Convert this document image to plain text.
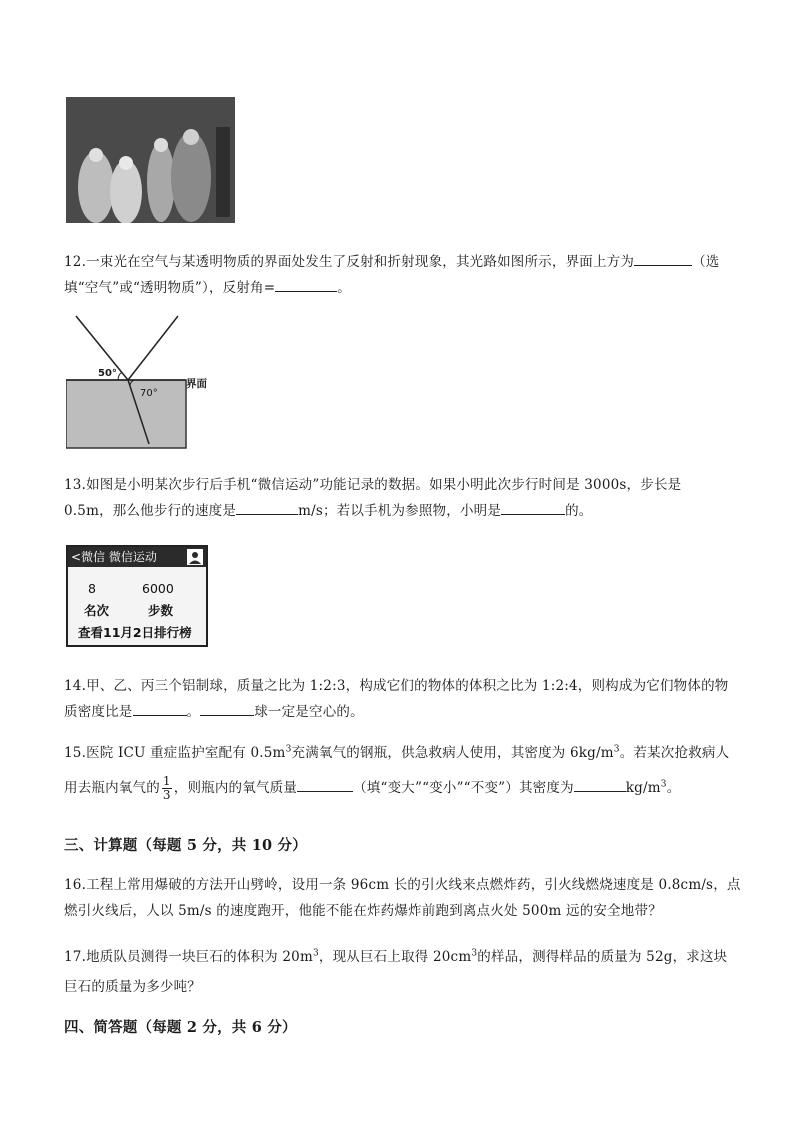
12.一束光在空气与某透明物质的界面处发生了反射和折射现象，其光路如图所示，界面上方为	（选
填“空气”或“透明物质”），反射角=	。
50°
70°
界面
13.如图是小明某次步行后手机“微信运动”功能记录的数据。如果小明此次步行时间是 3000s，步长是
0.5m，那么他步行的速度是	m/s；若以手机为参照物，小明是	的。
<微信 微信运动
8	6000
名次	步数
查看11月2日排行榜
14.甲、乙、丙三个铝制球，质量之比为 1:2:3，构成它们的物体的体积之比为 1:2:4，则构成为它们物体的物
质密度比是	。	球一定是空心的。
15.医院 ICU 重症监护室配有 $0.5m^3$充满氧气的钢瓶，供急救病人使用，其密度为 $6kg/m^3$。若某次抢救病人
用去瓶内氧气的 $\frac{1}{3}$ ，则瓶内的氧气质量	（填“变大”“变小”“不变”）其密度为	$kg/m^3$。
三、计算题（每题 5 分，共 10 分）
16.工程上常用爆破的方法开山劈岭，设用一条 96cm 长的引火线来点燃炸药，引火线燃烧速度是 0.8cm/s，点
燃引火线后，人以 5m/s 的速度跑开，他能不能在炸药爆炸前跑到离点火处 500m 远的安全地带？
17.地质队员测得一块巨石的体积为 $20m^3$，现从巨石上取得 $20cm^3$的样品，测得样品的质量为 52g，求这块
巨石的质量为多少吨？
四、简答题（每题 2 分，共 6 分）
